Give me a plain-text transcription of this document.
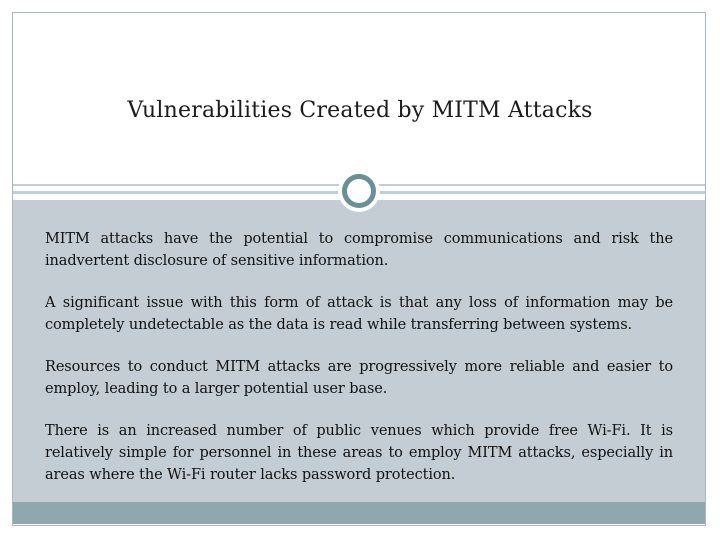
Vulnerabilities Created by MITM Attacks

MITM attacks have the potential to compromise communications and risk the inadvertent disclosure of sensitive information.

A significant issue with this form of attack is that any loss of information may be completely undetectable as the data is read while transferring between systems.

Resources to conduct MITM attacks are progressively more reliable and easier to employ, leading to a larger potential user base.

There is an increased number of public venues which provide free Wi-Fi. It is relatively simple for personnel in these areas to employ MITM attacks, especially in areas where the Wi-Fi router lacks password protection.
